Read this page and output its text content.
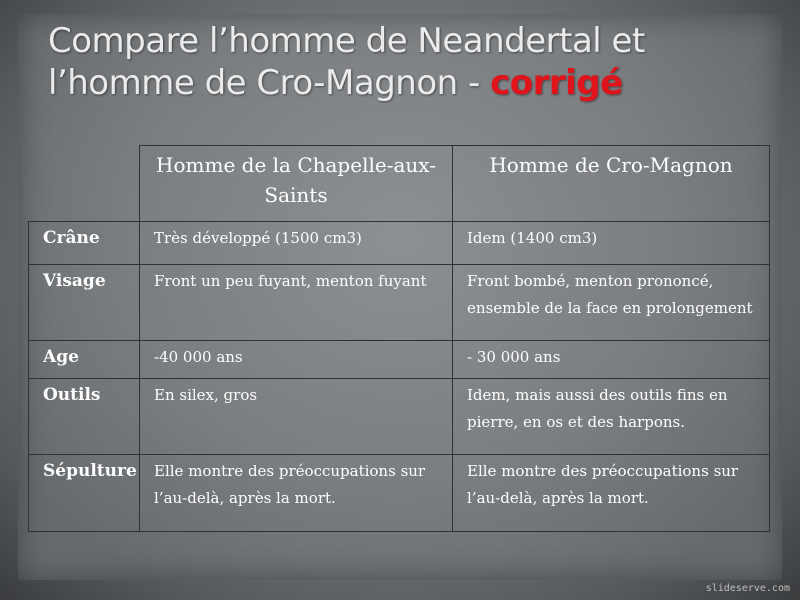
Compare l’homme de Neandertal et l’homme de Cro-Magnon - corrigé
	Homme de la Chapelle-aux-Saints	Homme de Cro-Magnon
Crâne	Très développé (1500 cm3)	Idem (1400 cm3)
Visage	Front un peu fuyant, menton fuyant	Front bombé, menton prononcé, ensemble de la face en prolongement
Age	-40 000 ans	- 30 000 ans
Outils	En silex, gros	Idem, mais aussi des outils fins en pierre, en os et des harpons.
Sépulture	Elle montre des préoccupations sur l’au-delà, après la mort.	Elle montre des préoccupations sur l’au-delà, après la mort.
slideserve.com
